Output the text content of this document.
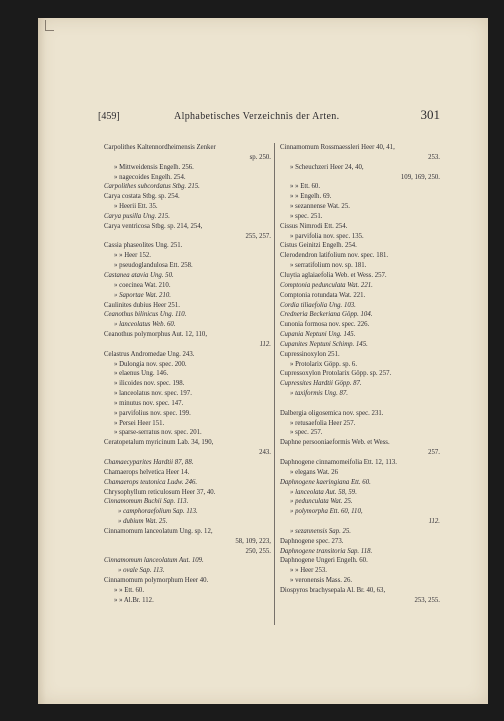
[459]	Alphabetisches Verzeichnis der Arten.	301
Carpolithes Kaltennordheimensis Zenker
sp. 250.
» Mittweidensis Engelh. 256.
» nagecoides Engelh. 254.
Carpolithes subcordatus Stbg. 215.
Carya costata Stbg. sp. 254.
» Heerii Ett. 35.
Carya pusilla Ung. 215.
Carya ventricosa Stbg. sp. 214, 254,
255, 257.
Cassia phaseolites Ung. 251.
» » Heer 152.
» pseudoglandulosa Ett. 258.
Castanea atavia Ung. 50.
» coecinea Wat. 210.
» Saportae Wat. 210.
Caulinites dubius Heer 251.
Ceanothus bilinicus Ung. 110.
» lanceolatus Web. 60.
Ceanothus polymorphus Aut. 12, 110,
112.
Celastrus Andromedae Ung. 243.
» Dulongia nov. spec. 200.
» elaenus Ung. 146.
» ilicoides nov. spec. 198.
» lanceolatus nov. spec. 197.
» minutus nov. spec. 147.
» parvifolius nov. spec. 199.
» Persei Heer 151.
» sparse-serratus nov. spec. 201.
Ceratopetalum myricinum Lab. 34, 190,
243.
Chamaecyparites Hardtii 87, 88.
Chamaerops helvetica Heer 14.
Chamaerops teutonica Ludw. 246.
Chrysophyllum reticulosum Heer 37, 40.
Cinnamomum Buchii Sap. 113.
» camphoraefolium Sap. 113.
» dubium Wat. 25.
Cinnamomum lanceolatum Ung. sp. 12,
58, 109, 223,
250, 255.
Cinnamomum lanceolatum Aut. 109.
» ovale Sap. 113.
Cinnamomum polymorphum Heer 40.
» » Ett. 60.
» » Al.Br. 112.
Cinnamomum Rossmaessleri Heer 40, 41,
253.
» Scheuchzeri Heer 24, 40,
109, 169, 250.
» » Ett. 60.
» » Engelh. 69.
» sezannense Wat. 25.
» spec. 251.
Cissus Nimrodi Ett. 254.
» parvifolia nov. spec. 135.
Cistus Geinitzi Engelh. 254.
Clerodendron latifolium nov. spec. 181.
» serratifolium nov. sp. 181.
Cluytia aglaiaefolia Web. et Wess. 257.
Comptonia pedunculata Wat. 221.
Comptonia rotundata Wat. 221.
Cordia tiliaefolia Ung. 103.
Credneria Beckeriana Göpp. 104.
Cunonia formosa nov. spec. 226.
Cupania Neptuni Ung. 145.
Cupanites Neptuni Schimp. 145.
Cupressinoxylon 251.
» Protolarix Göpp. sp. 6.
Cupressoxylon Protolarix Göpp. sp. 257.
Cupressites Hardtii Göpp. 87.
» taxiformis Ung. 87.
Dalbergia oligosemica nov. spec. 231.
» retusaefolia Heer 257.
» spec. 257.
Daphne persooniaeformis Web. et Wess.
257.
Daphnogene cinnamomeifolia Ett. 12, 113.
» elegans Wat. 26
Daphnogene kaeringiana Ett. 60.
» lanceolata Aut. 58, 59.
» pedunculata Wat. 25.
» polymorpha Ett. 60, 110,
112.
» sezannensis Sap. 25.
Daphnogene spec. 273.
Daphnogene transitoria Sap. 118.
Daphnogene Ungeri Engelh. 60.
» » Heer 253.
» veronensis Mass. 26.
Diospyros brachysepala Al. Br. 40, 63,
253, 255.
